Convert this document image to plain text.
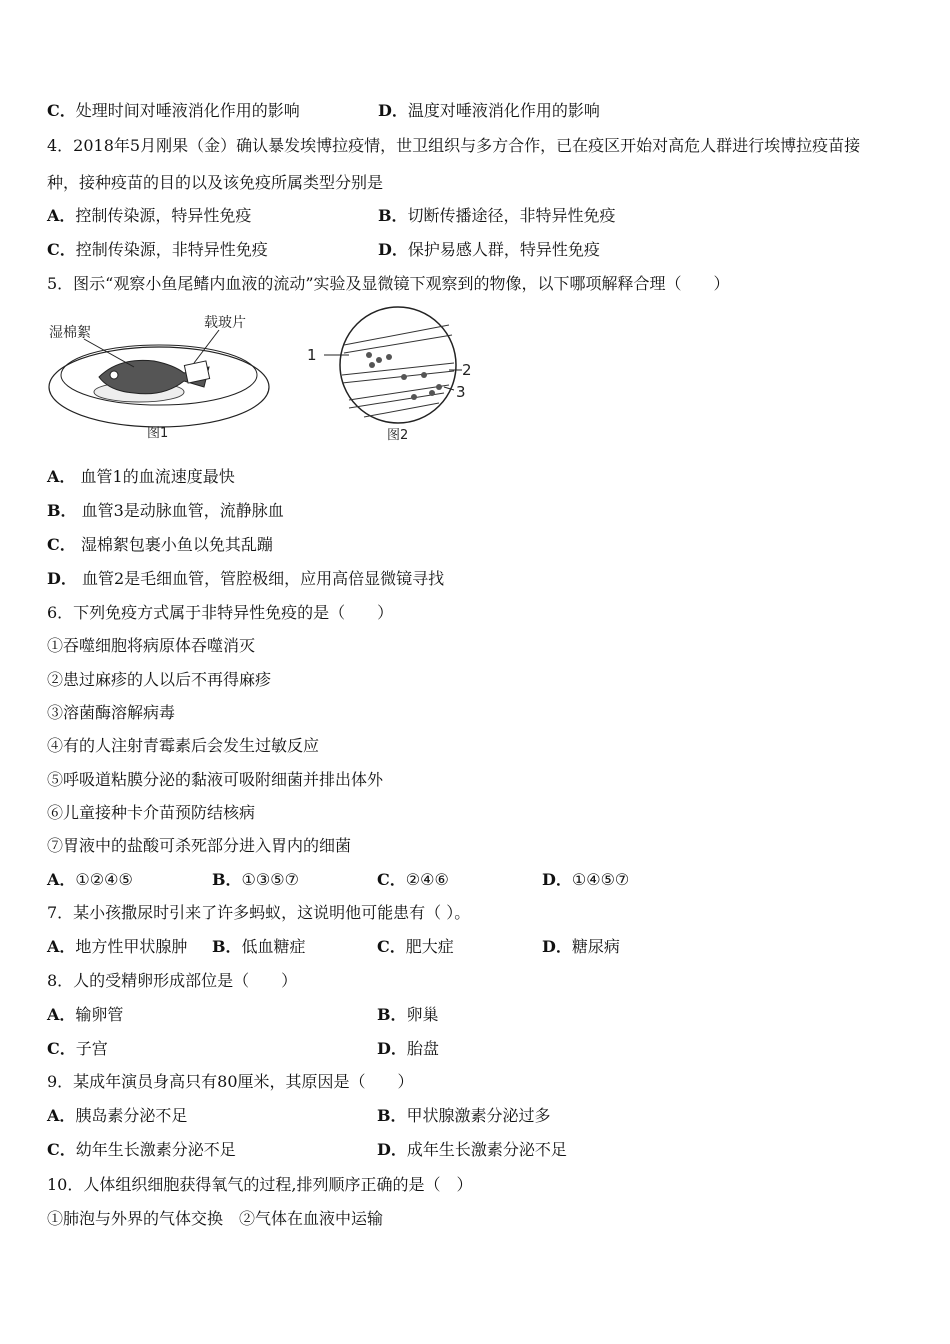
C．处理时间对唾液消化作用的影响	D．温度对唾液消化作用的影响
4．2018年5月刚果（金）确认暴发埃博拉疫情，世卫组织与多方合作，已在疫区开始对高危人群进行埃博拉疫苗接
种，接种疫苗的目的以及该免疫所属类型分别是
A．控制传染源，特异性免疫	B．切断传播途径，非特异性免疫
C．控制传染源，非特异性免疫	D．保护易感人群，特异性免疫
5．图示“观察小鱼尾鳍内血液的流动”实验及显微镜下观察到的物像，以下哪项解释合理（　　）
湿棉絮
载玻片
图1
1
2
3
图2
A． 血管1的血流速度最快
B． 血管3是动脉血管，流静脉血
C． 湿棉絮包裹小鱼以免其乱蹦
D． 血管2是毛细血管，管腔极细，应用高倍显微镜寻找
6．下列免疫方式属于非特异性免疫的是（　　）
①吞噬细胞将病原体吞噬消灭
②患过麻疹的人以后不再得麻疹
③溶菌酶溶解病毒
④有的人注射青霉素后会发生过敏反应
⑤呼吸道粘膜分泌的黏液可吸附细菌并排出体外
⑥儿童接种卡介苗预防结核病
⑦胃液中的盐酸可杀死部分进入胃内的细菌
A．①②④⑤	B．①③⑤⑦	C．②④⑥	D．①④⑤⑦
7．某小孩撒尿时引来了许多蚂蚁，这说明他可能患有（ ）。
A．地方性甲状腺肿 B．低血糖症	C．肥大症	D．糖尿病
8．人的受精卵形成部位是（　　）
A．输卵管	B．卵巢
C．子宫	D．胎盘
9．某成年演员身高只有80厘米，其原因是（　　）
A．胰岛素分泌不足	B．甲状腺激素分泌过多
C．幼年生长激素分泌不足	D．成年生长激素分泌不足
10．人体组织细胞获得氧气的过程,排列顺序正确的是（　）
①肺泡与外界的气体交换　②气体在血液中运输
